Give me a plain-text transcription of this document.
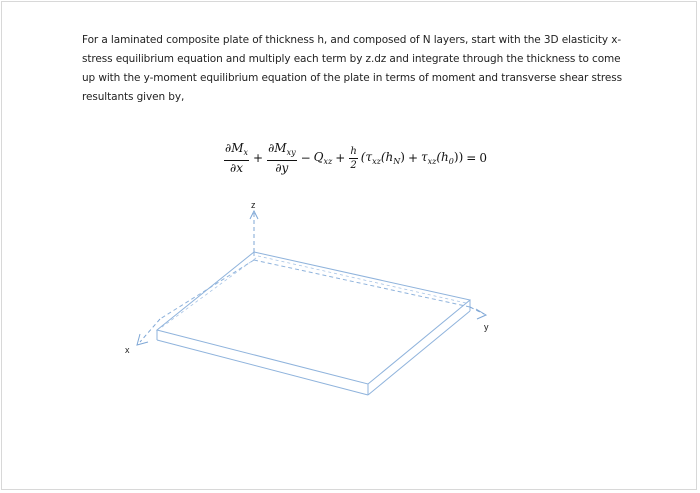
For a laminated composite plate of thickness h, and composed of N layers, start with the 3D elasticity x-
stress equilibrium equation and multiply each term by z.dz and integrate through the thickness to come
up with the y-moment equilibrium equation of the plate in terms of moment and transverse shear stress
resultants given by,
$\frac{\partial M_x}{\partial x} + \frac{\partial M_{xy}}{\partial y} - Q_{xz} + \frac{h}{2} (\tau_{xz}(h_N) + \tau_{xz}(h_0)) = 0$
z
y
x
